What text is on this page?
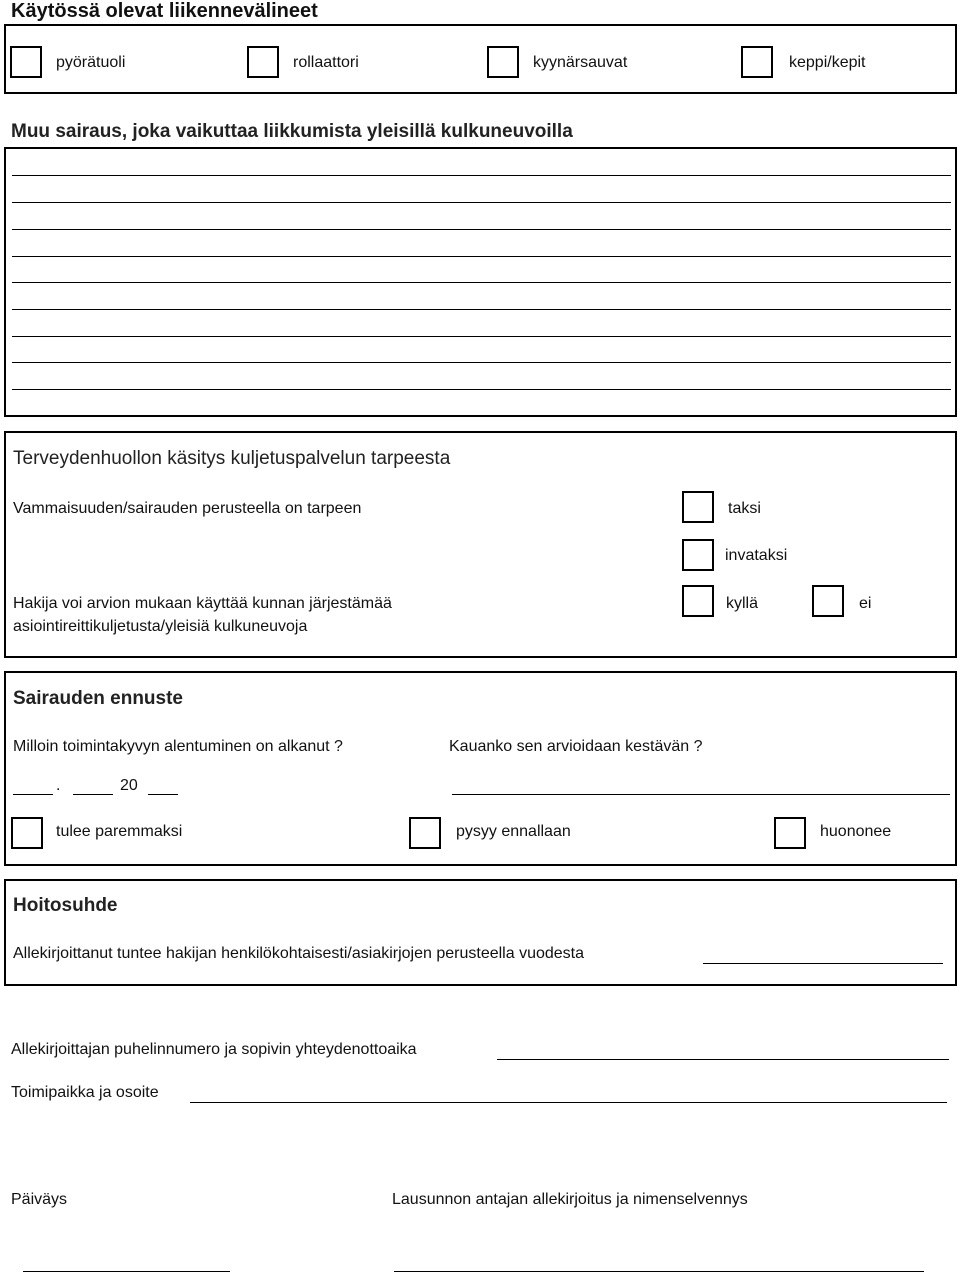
Käytössä olevat liikennevälineet
pyörätuoli	rollaattori	kyynärsauvat	keppi/kepit
Muu sairaus, joka vaikuttaa liikkumista yleisillä kulkuneuvoilla
Terveydenhuollon käsitys kuljetuspalvelun tarpeesta
Vammaisuuden/sairauden perusteella on tarpeen	taksi
invataksi
Hakija voi arvion mukaan käyttää kunnan järjestämää
asiointireittikuljetusta/yleisiä kulkuneuvoja
kyllä	ei
Sairauden ennuste
Milloin toimintakyvyn alentuminen on alkanut ?	Kauanko sen arvioidaan kestävän ?
.	20
tulee paremmaksi	pysyy ennallaan	huononee
Hoitosuhde
Allekirjoittanut tuntee hakijan henkilökohtaisesti/asiakirjojen perusteella vuodesta
Allekirjoittajan puhelinnumero ja sopivin yhteydenottoaika
Toimipaikka ja osoite
Päiväys	Lausunnon antajan allekirjoitus ja nimenselvennys
